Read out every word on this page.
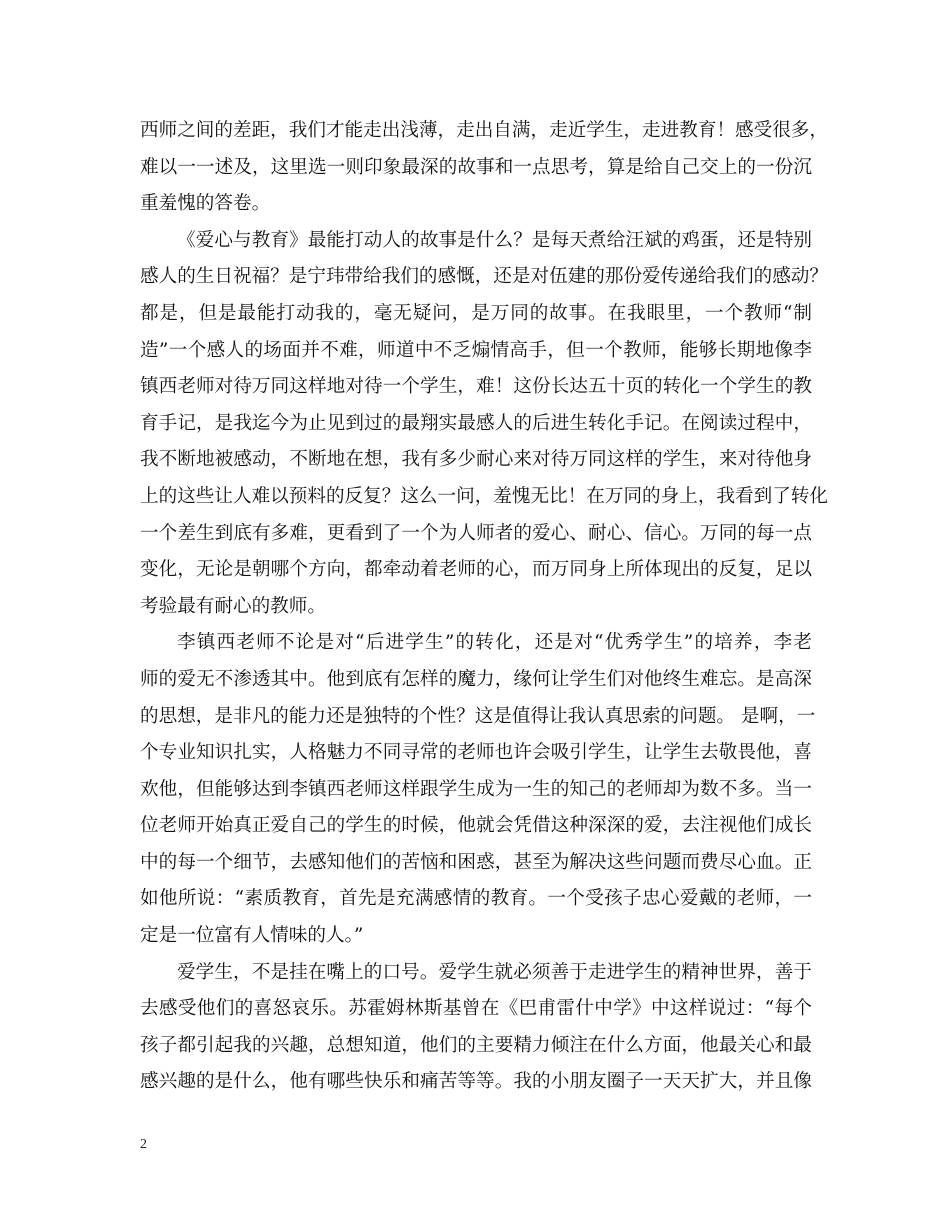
西师之间的差距，我们才能走出浅薄，走出自满，走近学生，走进教育！感受很多，
难以一一述及，这里选一则印象最深的故事和一点思考，算是给自己交上的一份沉
重羞愧的答卷。
《爱心与教育》最能打动人的故事是什么？是每天煮给汪斌的鸡蛋，还是特别
感人的生日祝福？是宁玮带给我们的感慨，还是对伍建的那份爱传递给我们的感动？
都是，但是最能打动我的，毫无疑问，是万同的故事。在我眼里，一个教师“制
造”一个感人的场面并不难，师道中不乏煽情高手，但一个教师，能够长期地像李
镇西老师对待万同这样地对待一个学生，难！这份长达五十页的转化一个学生的教
育手记，是我迄今为止见到过的最翔实最感人的后进生转化手记。在阅读过程中，
我不断地被感动，不断地在想，我有多少耐心来对待万同这样的学生，来对待他身
上的这些让人难以预料的反复？这么一问，羞愧无比！在万同的身上，我看到了转化
一个差生到底有多难，更看到了一个为人师者的爱心、耐心、信心。万同的每一点
变化，无论是朝哪个方向，都牵动着老师的心，而万同身上所体现出的反复，足以
考验最有耐心的教师。
李镇西老师不论是对“后进学生”的转化，还是对“优秀学生”的培养，李老
师的爱无不渗透其中。他到底有怎样的魔力，缘何让学生们对他终生难忘。是高深
的思想，是非凡的能力还是独特的个性？这是值得让我认真思索的问题。 是啊，一
个专业知识扎实，人格魅力不同寻常的老师也许会吸引学生，让学生去敬畏他，喜
欢他，但能够达到李镇西老师这样跟学生成为一生的知己的老师却为数不多。当一
位老师开始真正爱自己的学生的时候，他就会凭借这种深深的爱，去注视他们成长
中的每一个细节，去感知他们的苦恼和困惑，甚至为解决这些问题而费尽心血。正
如他所说：“素质教育，首先是充满感情的教育。一个受孩子忠心爱戴的老师，一
定是一位富有人情味的人。”
爱学生，不是挂在嘴上的口号。爱学生就必须善于走进学生的精神世界，善于
去感受他们的喜怒哀乐。苏霍姆林斯基曾在《巴甫雷什中学》中这样说过：“每个
孩子都引起我的兴趣，总想知道，他们的主要精力倾注在什么方面，他最关心和最
感兴趣的是什么，他有哪些快乐和痛苦等等。我的小朋友圈子一天天扩大，并且像
2
